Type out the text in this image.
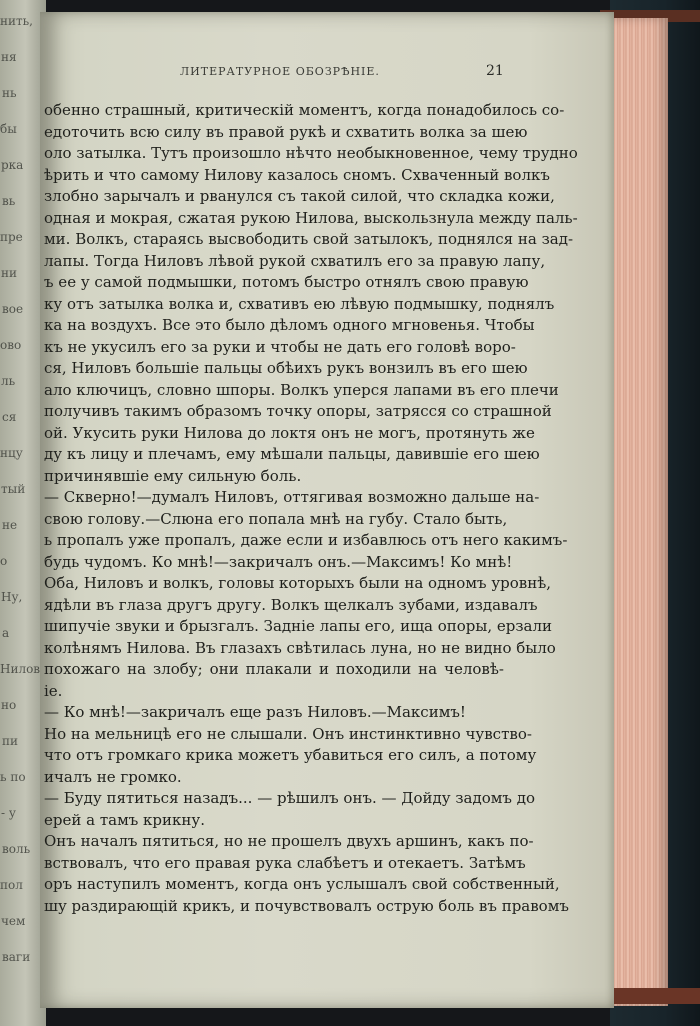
нить,
ня
нь
бы
рка
вь
пре
ни
вое
ово
ль
ся
нцу
тый
не
о
Ну,
а
Нилов
но
пи
ь по
- у
воль
пол
чем
ваги
ЛИТЕРАТУРНОЕ ОБОЗРѢНІЕ.	21
обенно страшный, критическій моментъ, когда понадобилось со-
едоточить всю силу въ правой рукѣ и схватить волка за шею
оло затылка. Тутъ произошло нѣчто необыкновенное, чему трудно
ѣрить и что самому Нилову казалось сномъ. Схваченный волкъ
злобно зарычалъ и рванулся съ такой силой, что складка кожи,
одная и мокрая, сжатая рукою Нилова, выскользнула между паль-
ми. Волкъ, стараясь высвободить свой затылокъ, поднялся на зад-
лапы. Тогда Ниловъ лѣвой рукой схватилъ его за правую лапу,
ъ ее у самой подмышки, потомъ быстро отнялъ свою правую
ку отъ затылка волка и, схвативъ ею лѣвую подмышку, поднялъ
ка на воздухъ. Все это было дѣломъ одного мгновенья. Чтобы
къ не укусилъ его за руки и чтобы не дать его головѣ воро-
ся, Ниловъ большіе пальцы обѣихъ рукъ вонзилъ въ его шею
ало ключицъ, словно шпоры. Волкъ уперся лапами въ его плечи
получивъ такимъ образомъ точку опоры, затрясся со страшной
ой. Укусить руки Нилова до локтя онъ не могъ, протянуть же
ду къ лицу и плечамъ, ему мѣшали пальцы, давившіе его шею
причинявшіе ему сильную боль.
— Скверно!—думалъ Ниловъ, оттягивая возможно дальше на-
свою голову.—Слюна его попала мнѣ на губу. Стало быть,
ь пропалъ уже пропалъ, даже если и избавлюсь отъ него какимъ-
будь чудомъ. Ко мнѣ!—закричалъ онъ.—Максимъ! Ко мнѣ!
Оба, Ниловъ и волкъ, головы которыхъ были на одномъ уровнѣ,
ядѣли въ глаза другъ другу. Волкъ щелкалъ зубами, издавалъ
шипучіе звуки и брызгалъ. Задніе лапы его, ища опоры, ерзали
колѣнямъ Нилова. Въ глазахъ свѣтилась луна, но не видно было
похожаго на злобу; они плакали и походили на человѣ-
ie.
— Ко мнѣ!—закричалъ еще разъ Ниловъ.—Максимъ!
Но на мельницѣ его не слышали. Онъ инстинктивно чувство-
что отъ громкаго крика можетъ убавиться его силъ, а потому
ичалъ не громко.
— Буду пятиться назадъ... — рѣшилъ онъ. — Дойду задомъ до
ерей а тамъ крикну.
Онъ началъ пятиться, но не прошелъ двухъ аршинъ, какъ по-
вствовалъ, что его правая рука слабѣетъ и отекаетъ. Затѣмъ
оръ наступилъ моментъ, когда онъ услышалъ свой собственный,
шу раздирающій крикъ, и почувствовалъ острую боль въ правомъ
